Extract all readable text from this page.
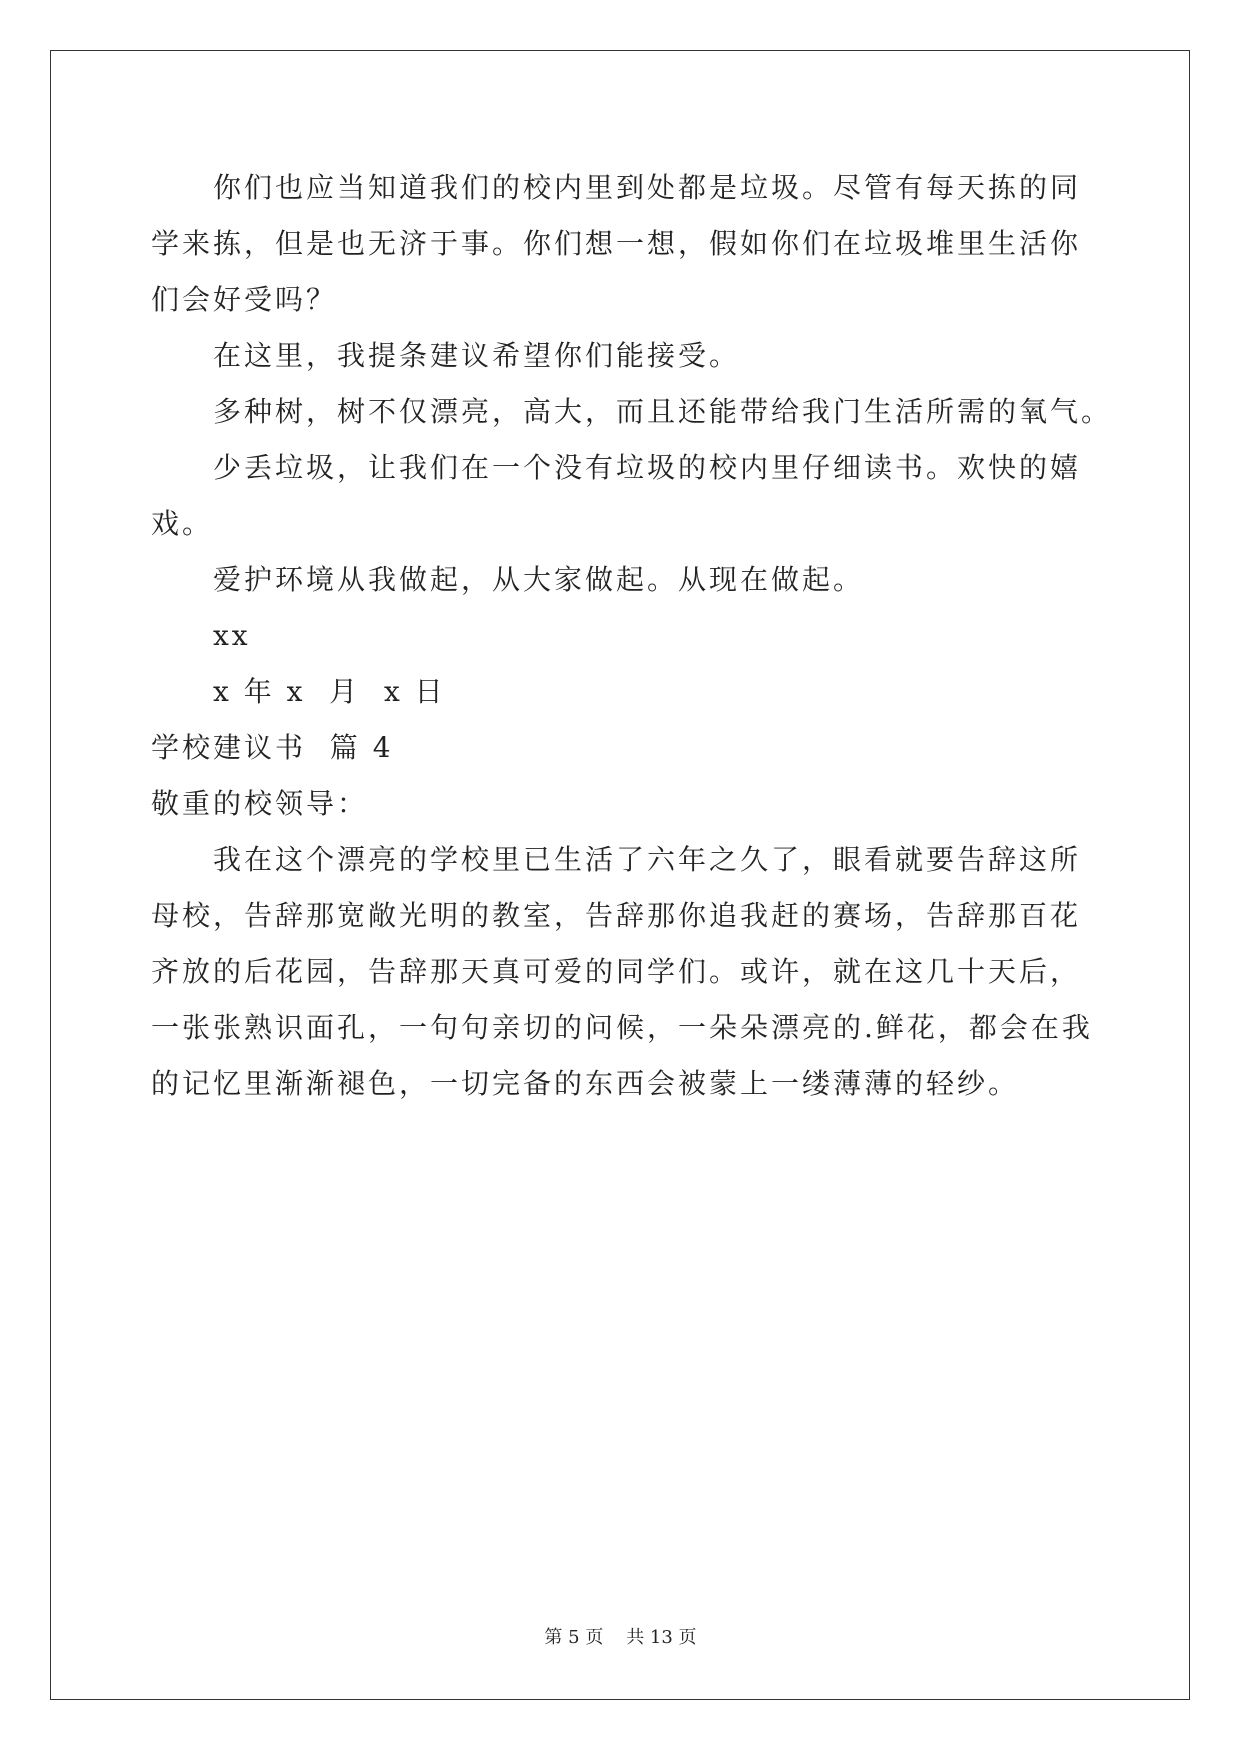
你们也应当知道我们的校内里到处都是垃圾。尽管有每天拣的同
学来拣，但是也无济于事。你们想一想，假如你们在垃圾堆里生活你
们会好受吗？
在这里，我提条建议希望你们能接受。
多种树，树不仅漂亮，高大，而且还能带给我门生活所需的氧气。
少丢垃圾，让我们在一个没有垃圾的校内里仔细读书。欢快的嬉
戏。
爱护环境从我做起，从大家做起。从现在做起。
xx
x 年 x  月  x 日
学校建议书  篇 4
敬重的校领导：
我在这个漂亮的学校里已生活了六年之久了，眼看就要告辞这所
母校，告辞那宽敞光明的教室，告辞那你追我赶的赛场，告辞那百花
齐放的后花园，告辞那天真可爱的同学们。或许，就在这几十天后，
一张张熟识面孔，一句句亲切的问候，一朵朵漂亮的.鲜花，都会在我
的记忆里渐渐褪色，一切完备的东西会被蒙上一缕薄薄的轻纱。
第 5 页    共 13 页
